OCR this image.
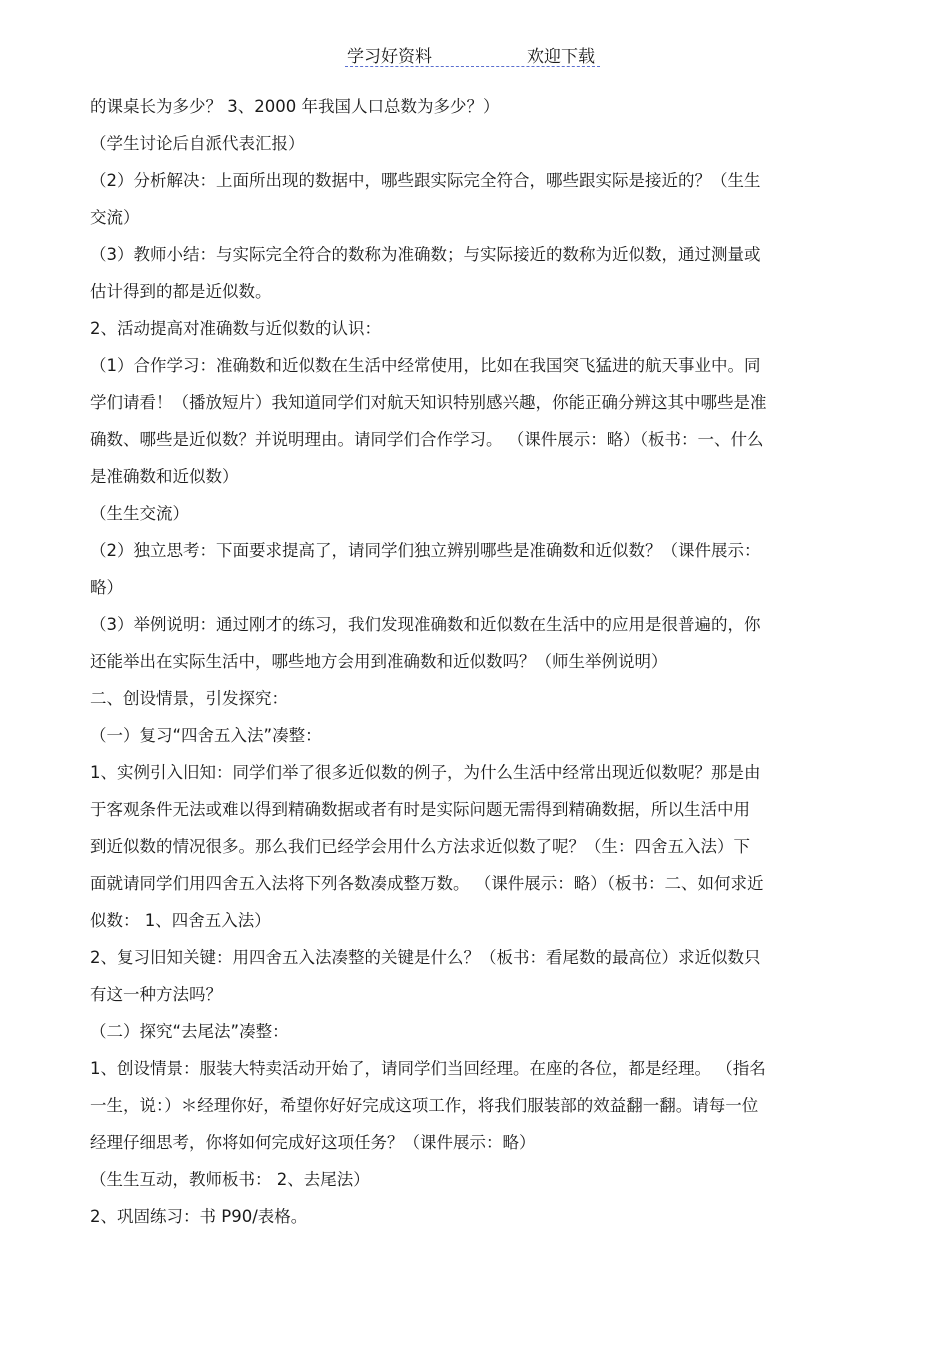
学习好资料	欢迎下载
的课桌长为多少？ 3、2000 年我国人口总数为多少？）
（学生讨论后自派代表汇报）
（2）分析解决：上面所出现的数据中，哪些跟实际完全符合，哪些跟实际是接近的？（生生
交流）
（3）教师小结：与实际完全符合的数称为准确数；与实际接近的数称为近似数，通过测量或
估计得到的都是近似数。
2、活动提高对准确数与近似数的认识：
（1）合作学习：准确数和近似数在生活中经常使用，比如在我国突飞猛进的航天事业中。同
学们请看！（播放短片）我知道同学们对航天知识特别感兴趣，你能正确分辨这其中哪些是准
确数、哪些是近似数？并说明理由。请同学们合作学习。 （课件展示：略）（板书：一、什么
是准确数和近似数）
（生生交流）
（2）独立思考：下面要求提高了，请同学们独立辨别哪些是准确数和近似数？（课件展示：
略）
（3）举例说明：通过刚才的练习，我们发现准确数和近似数在生活中的应用是很普遍的，你
还能举出在实际生活中，哪些地方会用到准确数和近似数吗？（师生举例说明）
二、创设情景，引发探究：
（一）复习“四舍五入法”凑整：
1、实例引入旧知：同学们举了很多近似数的例子，为什么生活中经常出现近似数呢？那是由
于客观条件无法或难以得到精确数据或者有时是实际问题无需得到精确数据，所以生活中用
到近似数的情况很多。那么我们已经学会用什么方法求近似数了呢？（生：四舍五入法）下
面就请同学们用四舍五入法将下列各数凑成整万数。 （课件展示：略）（板书：二、如何求近
似数： 1、四舍五入法）
2、复习旧知关键：用四舍五入法凑整的关键是什么？（板书：看尾数的最高位）求近似数只
有这一种方法吗？
（二）探究“去尾法”凑整：
1、创设情景：服装大特卖活动开始了，请同学们当回经理。在座的各位，都是经理。 （指名
一生，说：）＊经理你好，希望你好好完成这项工作，将我们服装部的效益翻一翻。请每一位
经理仔细思考，你将如何完成好这项任务？（课件展示：略）
（生生互动，教师板书： 2、去尾法）
2、巩固练习：书 P90/表格。
